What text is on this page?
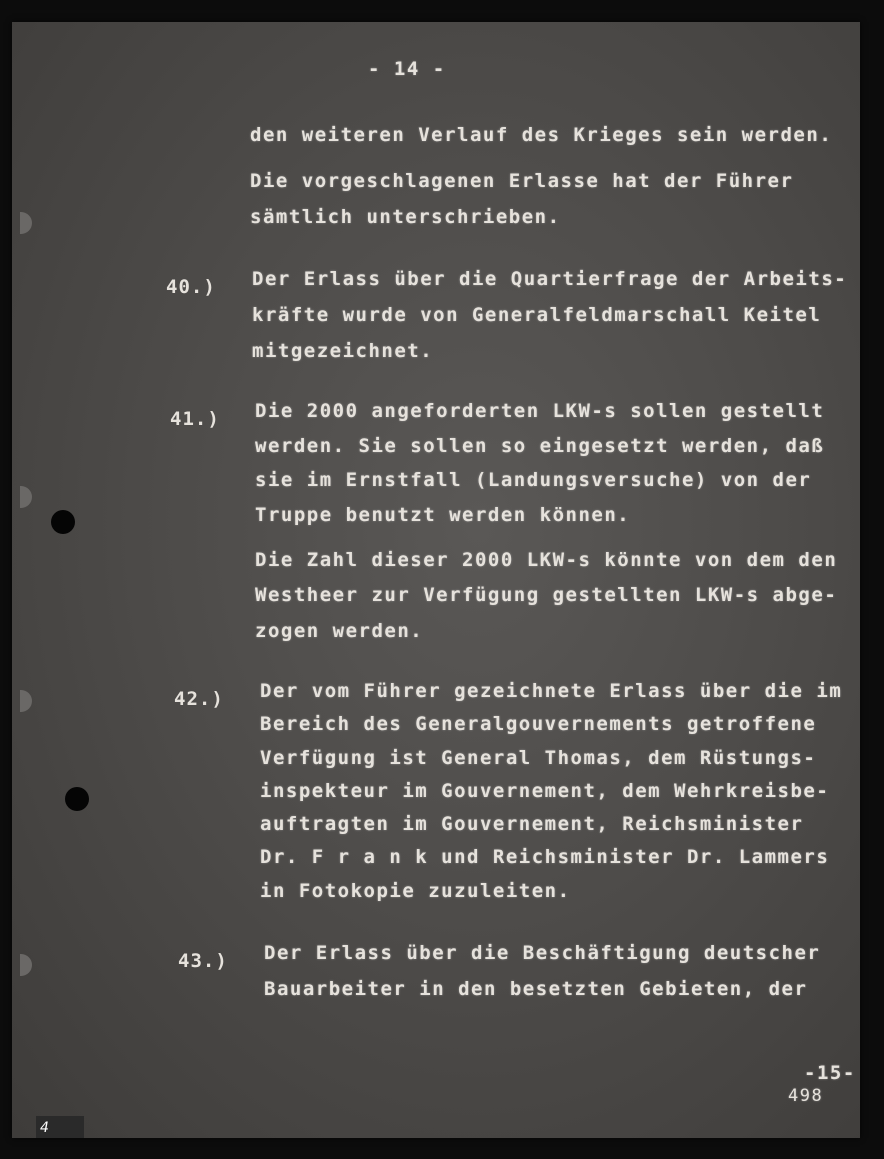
- 14 -
den weiteren Verlauf des Krieges sein werden.
Die vorgeschlagenen Erlasse hat der Führer
sämtlich unterschrieben.
40.) Der Erlass über die Quartierfrage der Arbeits-
kräfte wurde von Generalfeldmarschall Keitel
mitgezeichnet.
41.) Die 2000 angeforderten LKW-s sollen gestellt
werden. Sie sollen so eingesetzt werden, daß
sie im Ernstfall (Landungsversuche) von der
Truppe benutzt werden können.
Die Zahl dieser 2000 LKW-s könnte von dem den
Westheer zur Verfügung gestellten LKW-s abge-
zogen werden.
42.) Der vom Führer gezeichnete Erlass über die im
Bereich des Generalgouvernements getroffene
Verfügung ist General Thomas, dem Rüstungs-
inspekteur im Gouvernement, dem Wehrkreisbe-
auftragten im Gouvernement, Reichsminister
Dr. F r a n k und Reichsminister Dr. Lammers
in Fotokopie zuzuleiten.
43.) Der Erlass über die Beschäftigung deutscher
Bauarbeiter in den besetzten Gebieten, der
-15-
498
4
